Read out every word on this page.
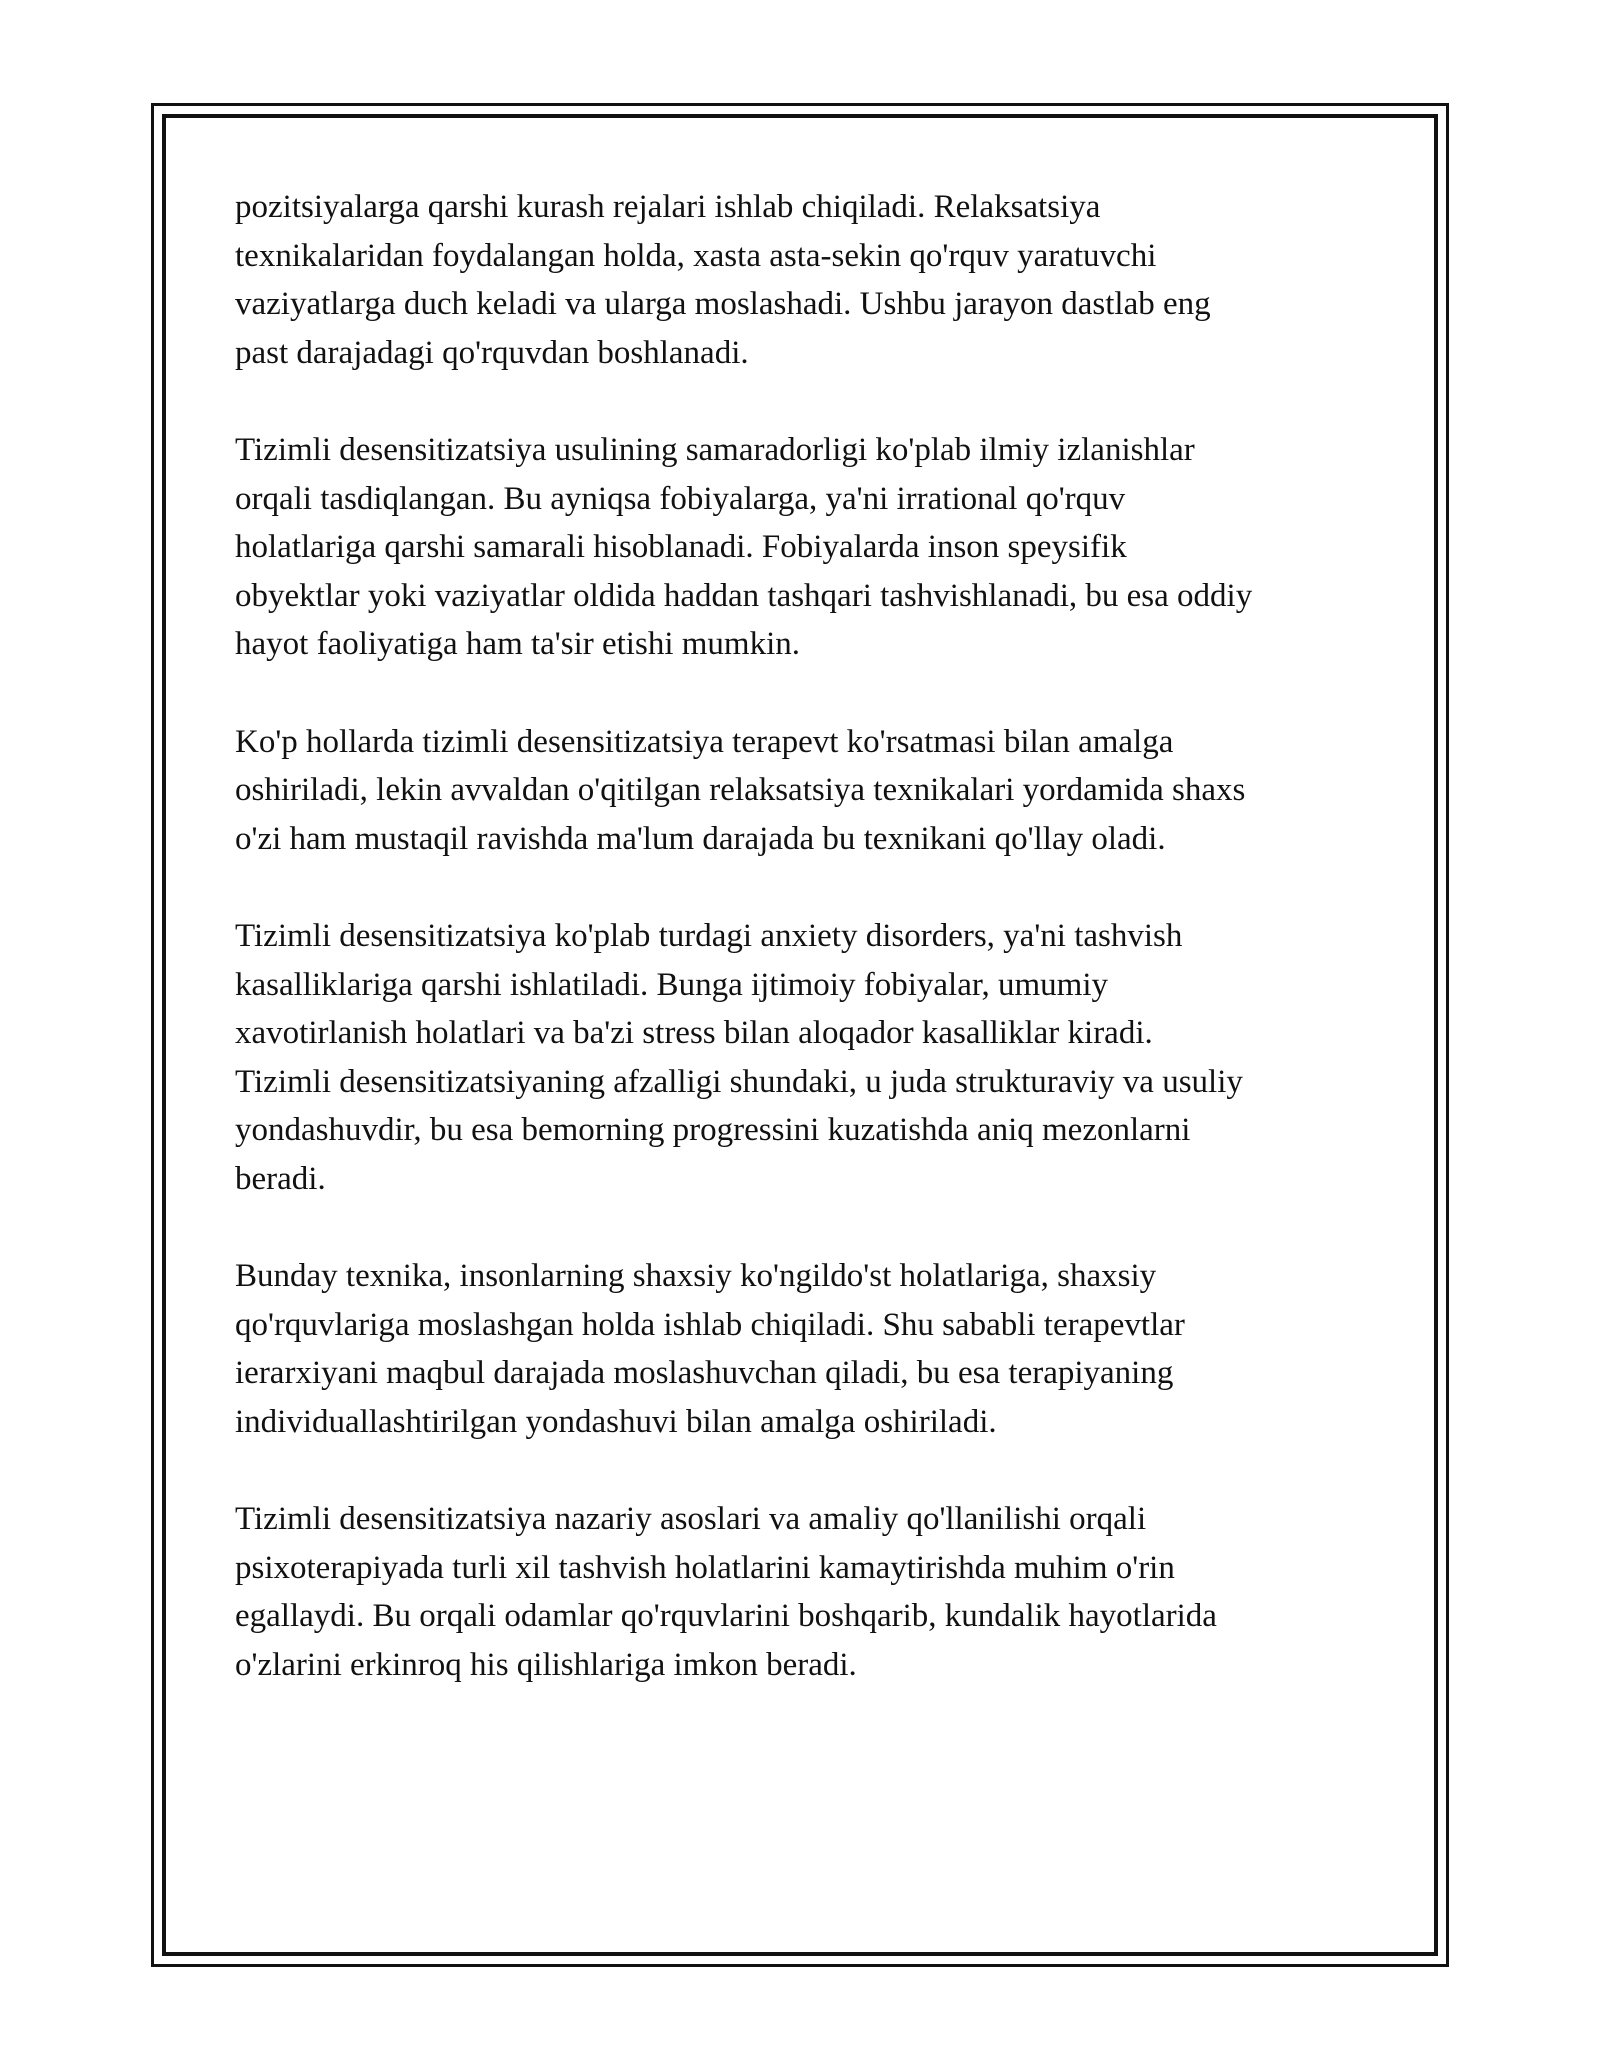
pozitsiyalarga qarshi kurash rejalari ishlab chiqiladi. Relaksatsiya
texnikalaridan foydalangan holda, xasta asta-sekin qo'rquv yaratuvchi
vaziyatlarga duch keladi va ularga moslashadi. Ushbu jarayon dastlab eng
past darajadagi qo'rquvdan boshlanadi.

Tizimli desensitizatsiya usulining samaradorligi ko'plab ilmiy izlanishlar
orqali tasdiqlangan. Bu ayniqsa fobiyalarga, ya'ni irrational qo'rquv
holatlariga qarshi samarali hisoblanadi. Fobiyalarda inson speysifik
obyektlar yoki vaziyatlar oldida haddan tashqari tashvishlanadi, bu esa oddiy
hayot faoliyatiga ham ta'sir etishi mumkin.

Ko'p hollarda tizimli desensitizatsiya terapevt ko'rsatmasi bilan amalga
oshiriladi, lekin avvaldan o'qitilgan relaksatsiya texnikalari yordamida shaxs
o'zi ham mustaqil ravishda ma'lum darajada bu texnikani qo'llay oladi.

Tizimli desensitizatsiya ko'plab turdagi anxiety disorders, ya'ni tashvish
kasalliklariga qarshi ishlatiladi. Bunga ijtimoiy fobiyalar, umumiy
xavotirlanish holatlari va ba'zi stress bilan aloqador kasalliklar kiradi.
Tizimli desensitizatsiyaning afzalligi shundaki, u juda strukturaviy va usuliy
yondashuvdir, bu esa bemorning progressini kuzatishda aniq mezonlarni
beradi.

Bunday texnika, insonlarning shaxsiy ko'ngildo'st holatlariga, shaxsiy
qo'rquvlariga moslashgan holda ishlab chiqiladi. Shu sababli terapevtlar
ierarxiyani maqbul darajada moslashuvchan qiladi, bu esa terapiyaning
individuallashtirilgan yondashuvi bilan amalga oshiriladi.

Tizimli desensitizatsiya nazariy asoslari va amaliy qo'llanilishi orqali
psixoterapiyada turli xil tashvish holatlarini kamaytirishda muhim o'rin
egallaydi. Bu orqali odamlar qo'rquvlarini boshqarib, kundalik hayotlarida
o'zlarini erkinroq his qilishlariga imkon beradi.
